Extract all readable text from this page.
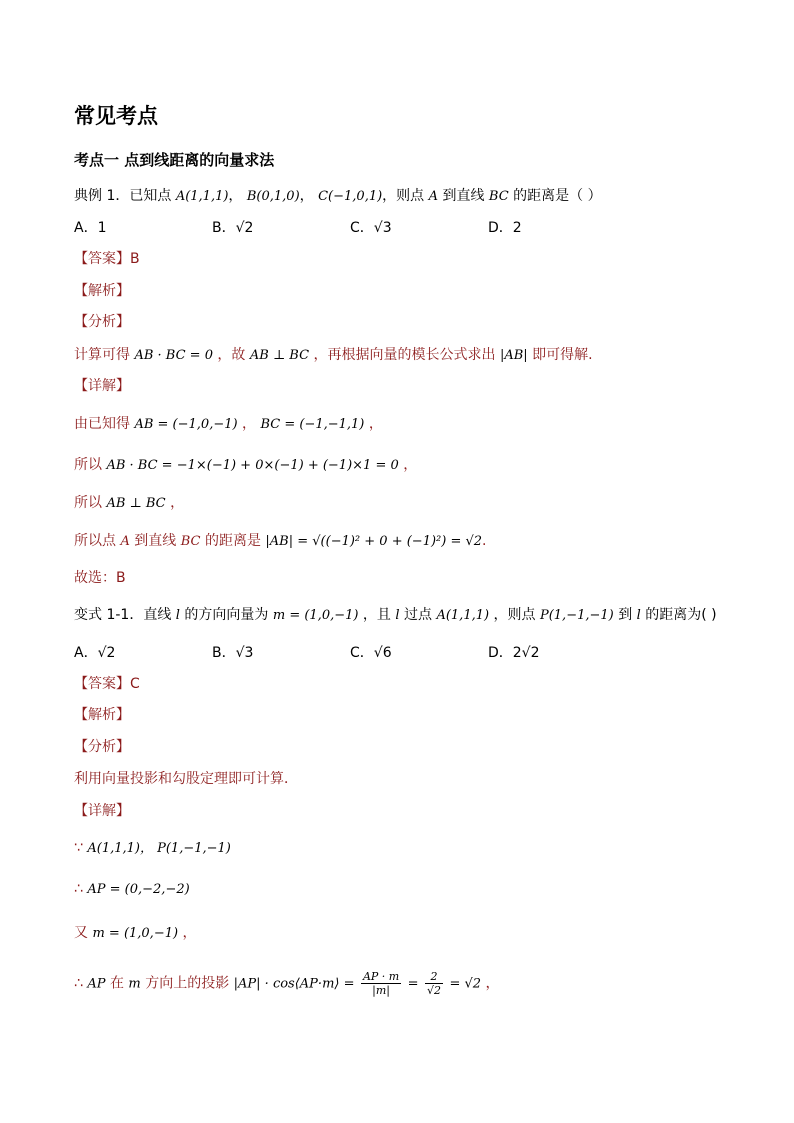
常见考点
考点一 点到线距离的向量求法
典例 1．已知点 A(1,1,1)， B(0,1,0)， C(−1,0,1)，则点 A 到直线 BC 的距离是（ ）
A．1	B．√2	C．√3	D．2
【答案】B
【解析】
【分析】
计算可得 AB · BC = 0 ，故 AB ⊥ BC ，再根据向量的模长公式求出 |AB| 即可得解.
【详解】
由已知得 AB = (−1,0,−1) ， BC = (−1,−1,1) ，
所以 AB · BC = −1×(−1) + 0×(−1) + (−1)×1 = 0 ，
所以 AB ⊥ BC ，
所以点 A 到直线 BC 的距离是 |AB| = √((−1)² + 0 + (−1)²) = √2.
故选：B
变式 1-1．直线 l 的方向向量为 m = (1,0,−1) ，且 l 过点 A(1,1,1) ，则点 P(1,−1,−1) 到 l 的距离为( )
A．√2	B．√3	C．√6	D．2√2
【答案】C
【解析】
【分析】
利用向量投影和勾股定理即可计算．
【详解】
∵ A(1,1,1)， P(1,−1,−1)
∴ AP = (0,−2,−2)
又 m = (1,0,−1) ，
∴ AP 在 m 方向上的投影 |AP| · cos⟨AP·m⟩ = $\frac{AP \cdot m}{|m|} = \frac{2}{√2} = √2$ ，
